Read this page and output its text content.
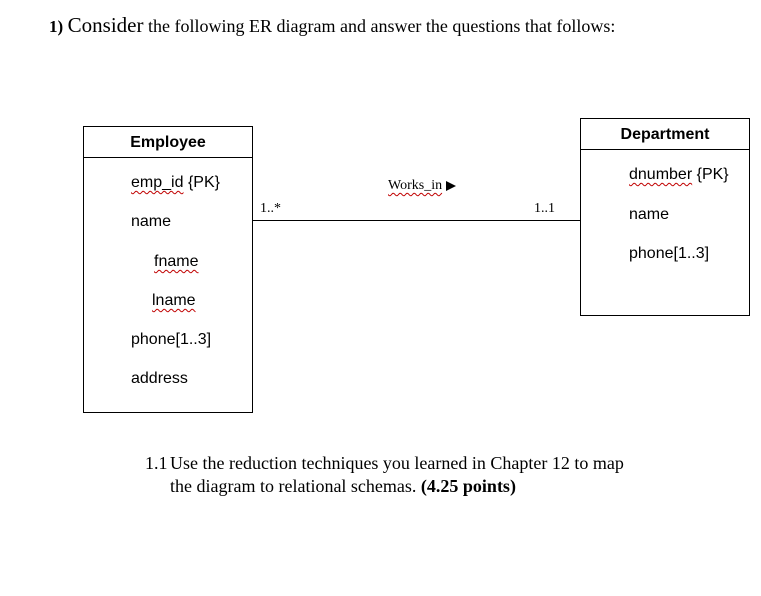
1) Consider the following ER diagram and answer the questions that follows:
Employee
emp_id {PK}
name
fname
lname
phone[1..3]
address
Department
dnumber {PK}
name
phone[1..3]
Works_in
1..*	1..1
1.1 Use the reduction techniques you learned in Chapter 12 to map
the diagram to relational schemas. (4.25 points)
